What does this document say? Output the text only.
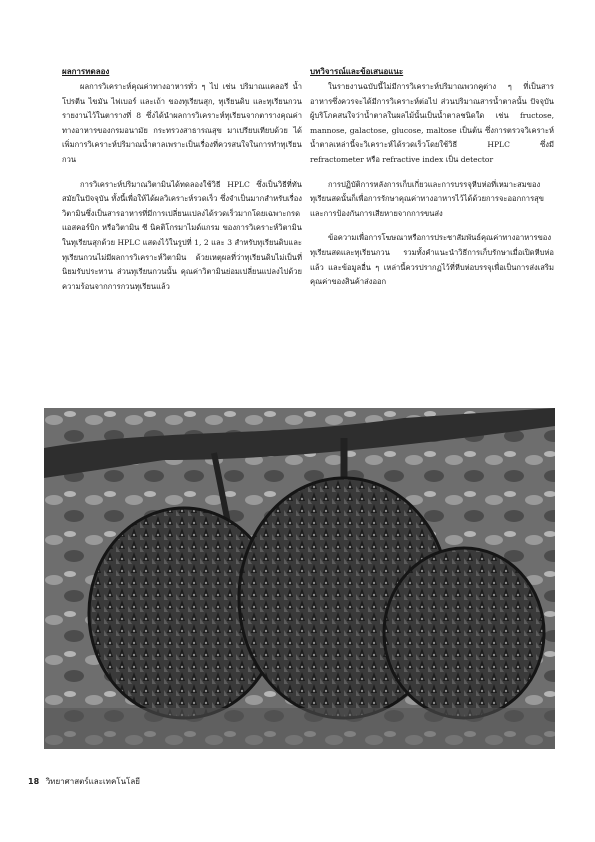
ผลการทดลอง

ผลการวิเคราะห์คุณค่าทางอาหารทั่ว ๆ ไป เช่น ปริมาณแคลอรี น้ำ โปรตีน ไขมัน ไฟเบอร์ และเถ้า ของทุเรียนสุก, ทุเรียนดิบ และทุเรียนกวน รายงานไว้ในตารางที่ 8 ซึ่งได้นำผลการวิเคราะห์ทุเรียนจากตารางคุณค่าทางอาหารของกรมอนามัย กระทรวงสาธารณสุข มาเปรียบเทียบด้วย ได้เพิ่มการวิเคราะห์ปริมาณน้ำตาลเพราะเป็นเรื่องที่ควรสนใจในการทำทุเรียนกวน

การวิเคราะห์ปริมาณวิตามินได้ทดลองใช้วิธี HPLC ซึ่งเป็นวิธีที่ทันสมัยในปัจจุบัน ทั้งนี้เพื่อให้ได้ผลวิเคราะห์รวดเร็ว ซึ่งจำเป็นมากสำหรับเรื่องวิตามินซึ่งเป็นสารอาหารที่มีการเปลี่ยนแปลงได้รวดเร็วมากโดยเฉพาะกรดแอสคอร์บิก หรือวิตามิน ซี นิคติโกรมาไมด์แกรม ของการวิเคราะห์วิตามินในทุเรียนสุกด้วย HPLC แสดงไว้ในรูปที่ 1, 2 และ 3 สำหรับทุเรียนดิบและทุเรียนกวนไม่มีผลการวิเคราะห์วิตามิน ด้วยเหตุผลที่ว่าทุเรียนดิบไม่เป็นที่นิยมรับประทาน ส่วนทุเรียนกวนนั้น คุณค่าวิตามินย่อมเปลี่ยนแปลงไปด้วยความร้อนจากการกวนทุเรียนแล้ว

บทวิจารณ์และข้อเสนอแนะ

ในรายงานฉบับนี้ไม่มีการวิเคราะห์ปริมาณพวกคูต่าง ๆ ที่เป็นสารอาหารซึ่งควรจะได้มีการวิเคราะห์ต่อไป ส่วนปริมาณสารน้ำตาลนั้น ปัจจุบันผู้บริโภคสนใจว่าน้ำตาลในผลไม้นั้นเป็นน้ำตาลชนิดใด เช่น fructose, mannose, galactose, glucose, maltose เป็นต้น ซึ่งการตรวจวิเคราะห์น้ำตาลเหล่านี้จะวิเคราะห์ได้รวดเร็วโดยใช้วิธี HPLC ซึ่งมี refractometer หรือ refractive index เป็น detector

การปฏิบัติการหลังการเก็บเกี่ยวและการบรรจุหีบห่อที่เหมาะสมของทุเรียนสดนั้นก็เพื่อการรักษาคุณค่าทางอาหารไว้ได้ด้วยการจะออกการสุขและการป้องกันการเสียหายจากการขนส่ง

ข้อความเพื่อการโฆษณาหรือการประชาสัมพันธ์คุณค่าทางอาหารของทุเรียนสดและทุเรียนกวน รวมทั้งคำแนะนำวิธีการเก็บรักษาเมื่อเปิดหีบห่อแล้ว และข้อมูลอื่น ๆ เหล่านี้ควรปรากฏไว้ที่หีบห่อบรรจุเพื่อเป็นการส่งเสริมคุณค่าของสินค้าส่งออก

18 วิทยาศาสตร์และเทคโนโลยี
